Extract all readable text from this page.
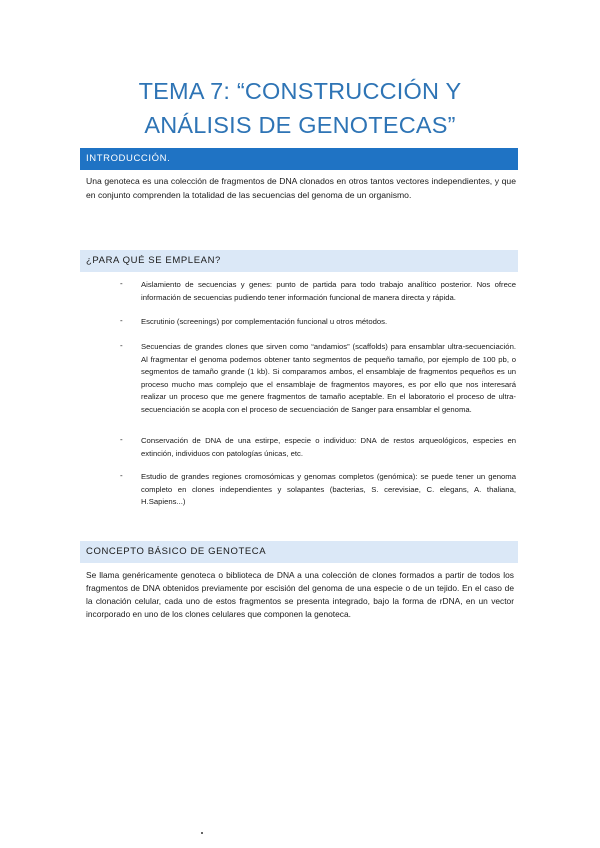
TEMA 7: “CONSTRUCCIÓN Y
ANÁLISIS DE GENOTECAS”
INTRODUCCIÓN.
Una genoteca es una colección de fragmentos de DNA clonados en otros tantos vectores independientes, y que en conjunto comprenden la totalidad de las secuencias del genoma de un organismo.
¿PARA QUÉ SE EMPLEAN?
- Aislamiento de secuencias y genes: punto de partida para todo trabajo analítico posterior. Nos ofrece información de secuencias pudiendo tener información funcional de manera directa y rápida.
- Escrutinio (screenings) por complementación funcional u otros métodos.
- Secuencias de grandes clones que sirven como “andamios” (scaffolds) para ensamblar ultra-secuenciación. Al fragmentar el genoma podemos obtener tanto segmentos de pequeño tamaño, por ejemplo de 100 pb, o segmentos de tamaño grande (1 kb). Si comparamos ambos, el ensamblaje de fragmentos pequeños es un proceso mucho mas complejo que el ensamblaje de fragmentos mayores, es por ello que nos interesará realizar un proceso que me genere fragmentos de tamaño aceptable. En el laboratorio el proceso de ultra-secuenciación se acopla con el proceso de secuenciación de Sanger para ensamblar el genoma.
- Conservación de DNA de una estirpe, especie o individuo: DNA de restos arqueológicos, especies en extinción, individuos con patologías únicas, etc.
- Estudio de grandes regiones cromosómicas y genomas completos (genómica): se puede tener un genoma completo en clones independientes y solapantes (bacterias, S. cerevisiae, C. elegans, A. thaliana, H.Sapiens...)
CONCEPTO BÁSICO DE GENOTECA
Se llama genéricamente genoteca o biblioteca de DNA a una colección de clones formados a partir de todos los fragmentos de DNA obtenidos previamente por escisión del genoma de una especie o de un tejido. En el caso de la clonación celular, cada uno de estos fragmentos se presenta integrado, bajo la forma de rDNA, en un vector incorporado en uno de los clones celulares que componen la genoteca.
